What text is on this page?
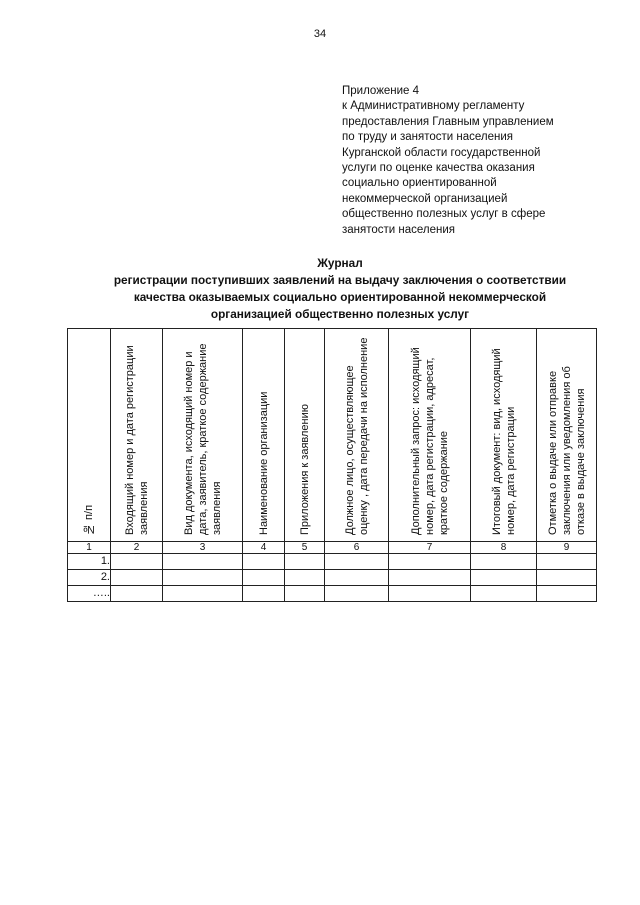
34
Приложение 4
к Административному регламенту
предоставления Главным управлением
по труду и занятости населения
Курганской области государственной
услуги по оценке качества оказания
социально ориентированной
некоммерческой организацией
общественно полезных услуг в сфере
занятости населения
Журнал
регистрации поступивших заявлений на выдачу заключения о соответствии
качества оказываемых социально ориентированной некоммерческой
организацией общественно полезных услуг
№ п/п	Входящий номер и дата регистрации заявления	Вид документа, исходящий номер и дата, заявитель, краткое содержание заявления	Наименование организации	Приложения к заявлению	Должное лицо, осуществляющее оценку , дата передачи на исполнение	Дополнительный запрос: исходящий номер, дата регистрации, адресат, краткое содержание	Итоговый документ: вид, исходящий номер, дата регистрации	Отметка о выдаче или отправке заключения или уведомления об отказе в выдаче заключения

1	2	3	4	5	6	7	8	9
1.								
2.								
…..								
